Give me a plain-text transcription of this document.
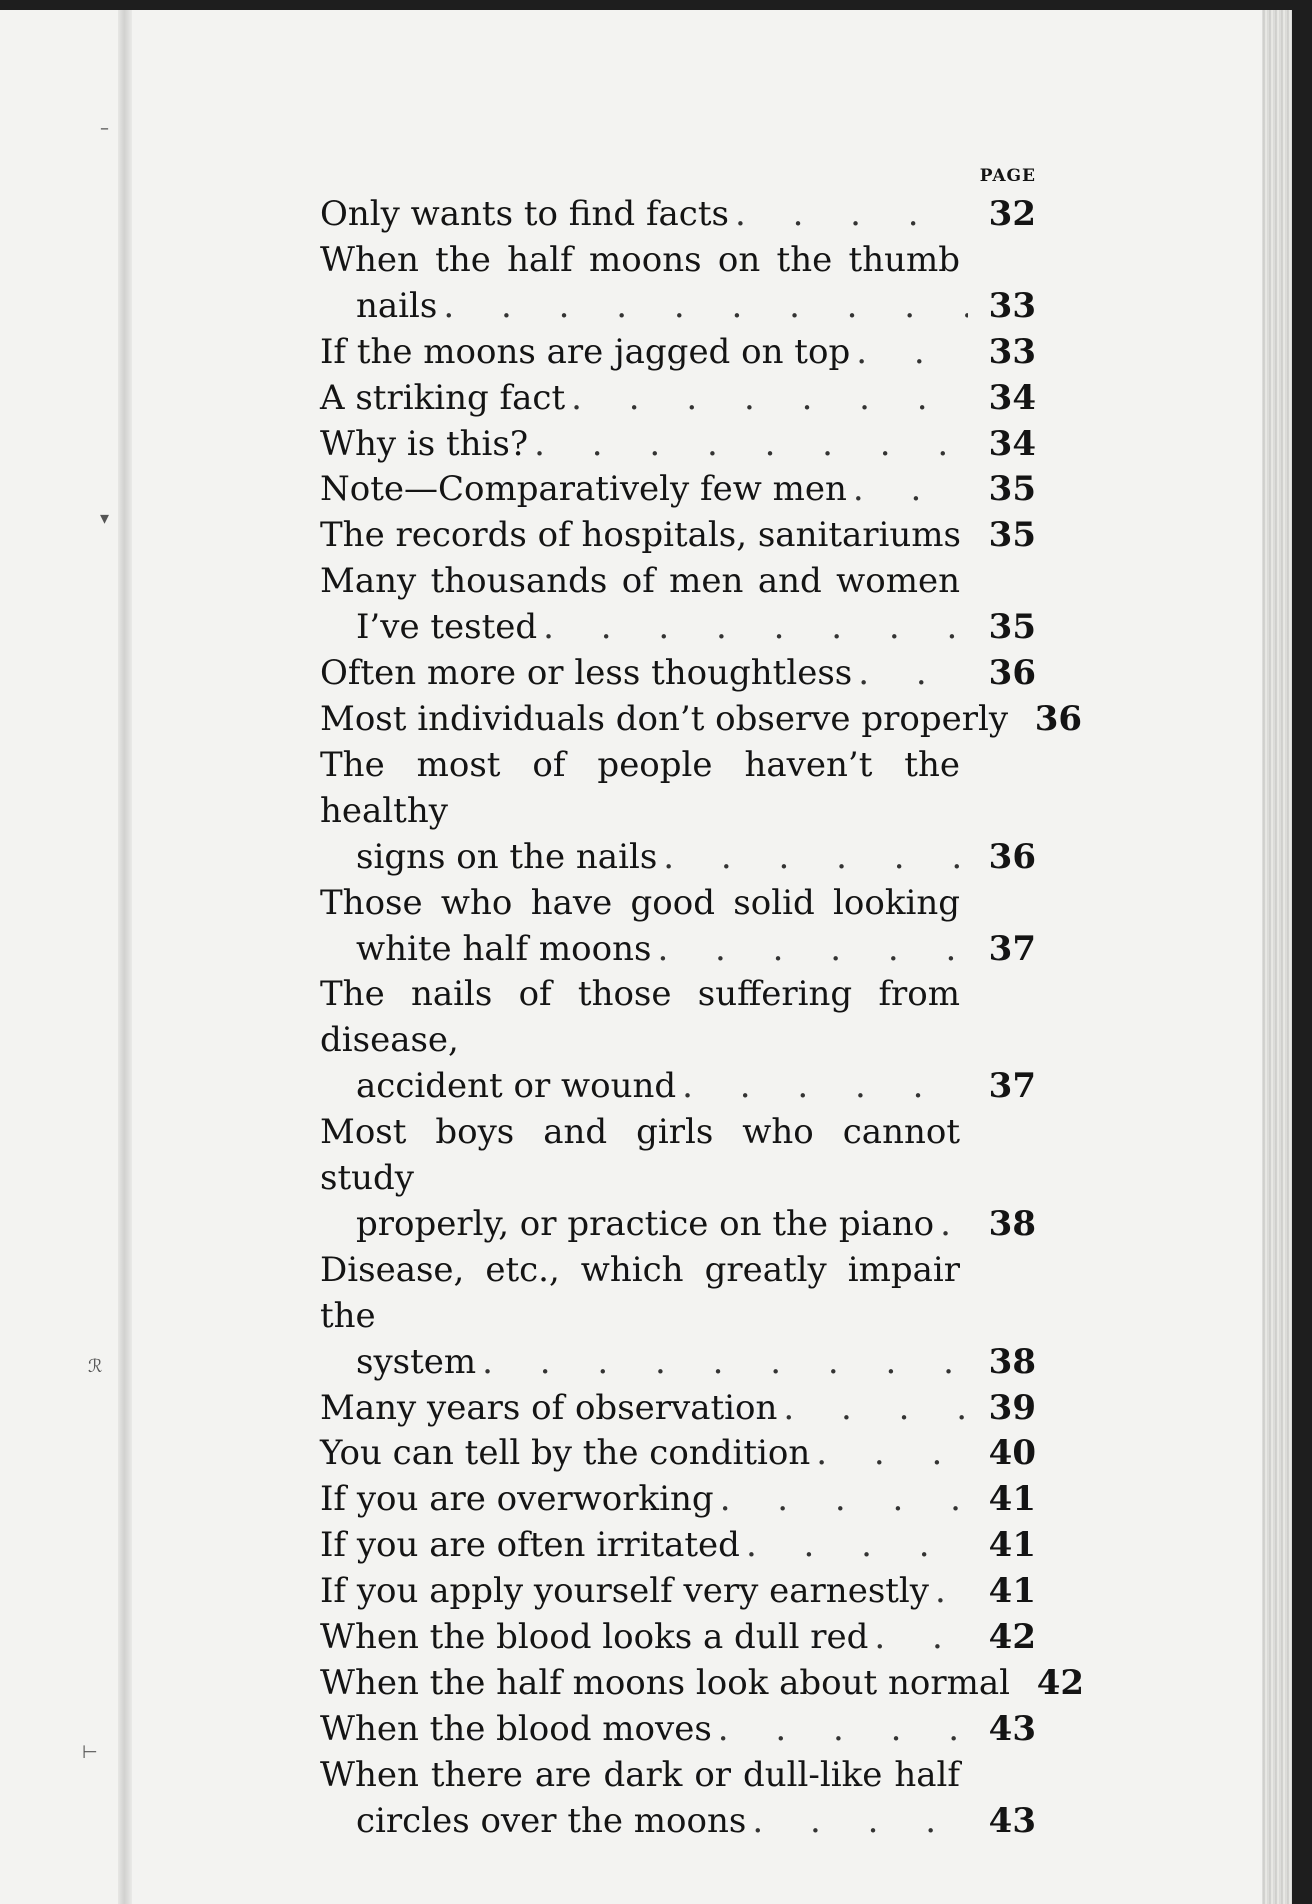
–
▾
ℛ
⊢
PAGE
Only wants to find facts . . .	32
When the half moons on the thumb
nails . . .	33
If the moons are jagged on top . . .	33
A striking fact . . .	34
Why is this? . . .	34
Note—Comparatively few men . . .	35
The records of hospitals, sanitariums . . . 35
Many thousands of men and women
I’ve tested . . .	35
Often more or less thoughtless . . .	36
Most individuals don’t observe properly 36
The most of people haven’t the healthy
signs on the nails . . .	36
Those who have good solid looking
white half moons . . .	37
The nails of those suffering from disease,
accident or wound . . .	37
Most boys and girls who cannot study
properly, or practice on the piano . . .	38
Disease, etc., which greatly impair the
system . . .	38
Many years of observation . . .	39
You can tell by the condition . . .	40
If you are overworking . . .	41
If you are often irritated . . .	41
If you apply yourself very earnestly . . .	41
When the blood looks a dull red . . .	42
When the half moons look about normal 42
When the blood moves . . .	43
When there are dark or dull-like half
circles over the moons . . .	43
